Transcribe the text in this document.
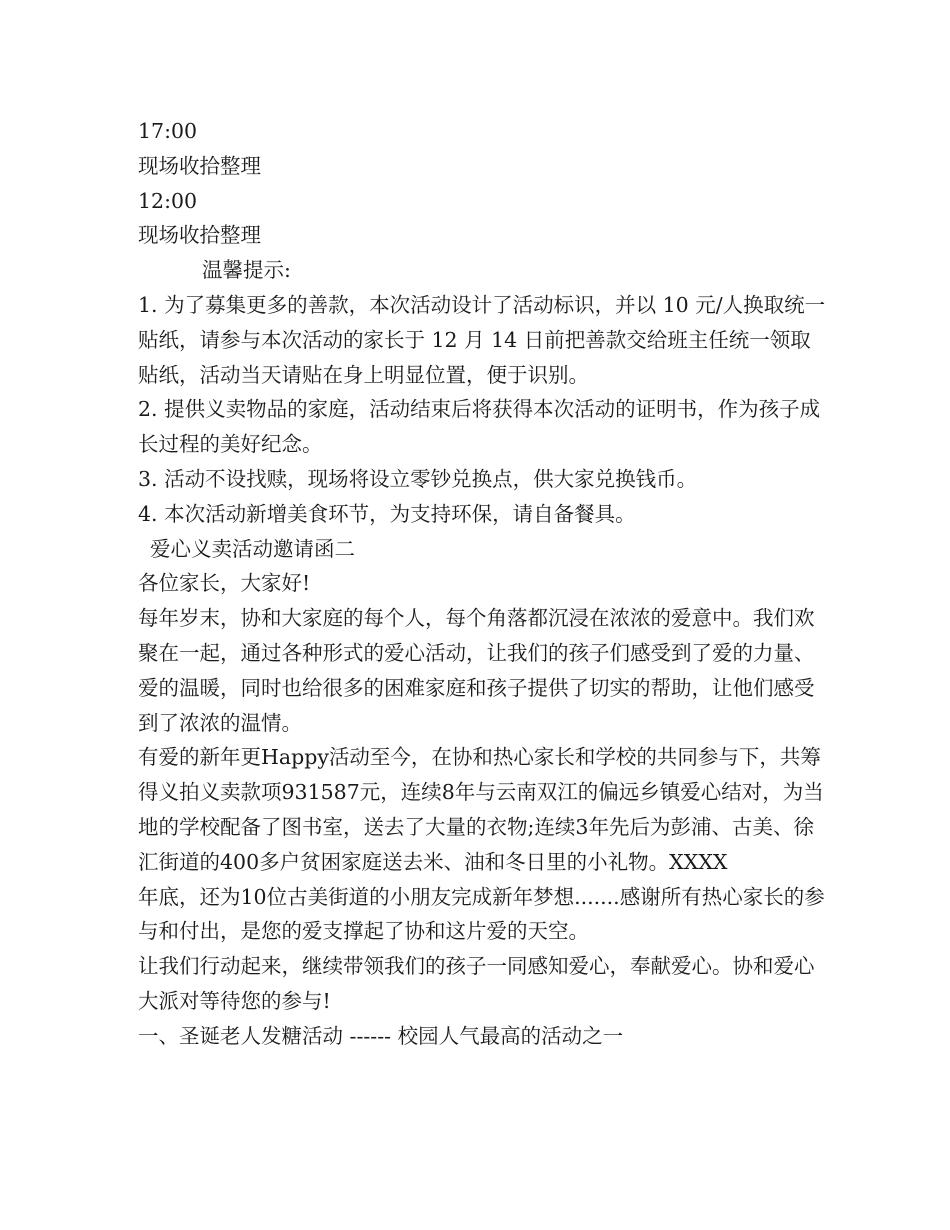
17:00

现场收拾整理

12:00

现场收拾整理

温馨提示:

1. 为了募集更多的善款，本次活动设计了活动标识，并以 10 元/人换取统一贴纸，请参与本次活动的家长于 12 月 14 日前把善款交给班主任统一领取贴纸，活动当天请贴在身上明显位置，便于识别。

2. 提供义卖物品的家庭，活动结束后将获得本次活动的证明书，作为孩子成长过程的美好纪念。

3. 活动不设找赎，现场将设立零钞兑换点，供大家兑换钱币。

4. 本次活动新增美食环节，为支持环保，请自备餐具。

爱心义卖活动邀请函二

各位家长，大家好!

每年岁末，协和大家庭的每个人，每个角落都沉浸在浓浓的爱意中。我们欢聚在一起，通过各种形式的爱心活动，让我们的孩子们感受到了爱的力量、爱的温暖，同时也给很多的困难家庭和孩子提供了切实的帮助，让他们感受到了浓浓的温情。

有爱的新年更Happy活动至今，在协和热心家长和学校的共同参与下，共筹得义拍义卖款项931587元，连续8年与云南双江的偏远乡镇爱心结对，为当地的学校配备了图书室，送去了大量的衣物;连续3年先后为彭浦、古美、徐汇街道的400多户贫困家庭送去米、油和冬日里的小礼物。XXXX

年底，还为10位古美街道的小朋友完成新年梦想.......感谢所有热心家长的参与和付出，是您的爱支撑起了协和这片爱的天空。

让我们行动起来，继续带领我们的孩子一同感知爱心，奉献爱心。协和爱心大派对等待您的参与!

一、圣诞老人发糖活动 ------ 校园人气最高的活动之一
